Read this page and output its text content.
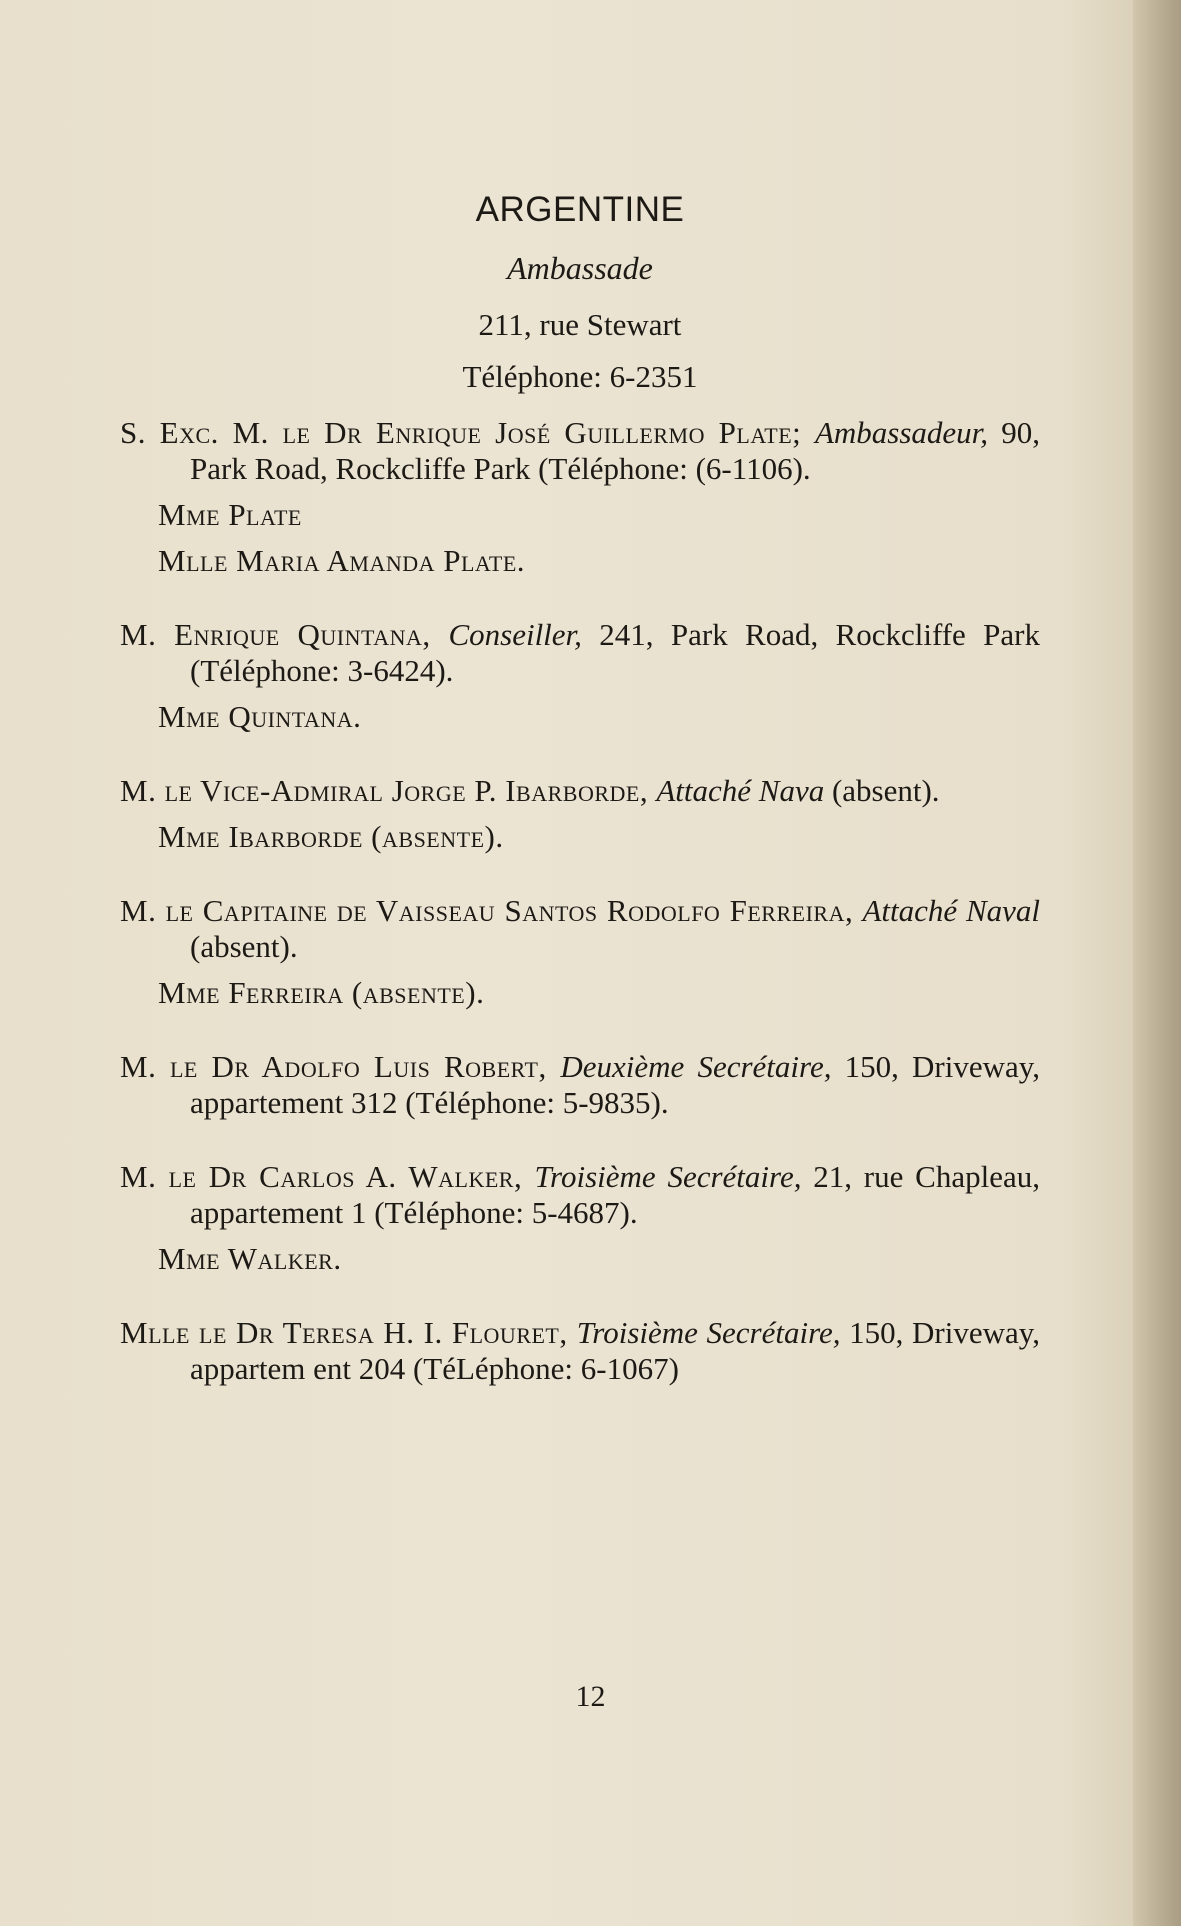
ARGENTINE
Ambassade
211, rue Stewart
Téléphone: 6-2351
S. Exc. M. le Dr Enrique José Guillermo Plate; Ambassadeur, 90, Park Road, Rockcliffe Park (Téléphone: (6-1106).
Mme Plate
Mlle Maria Amanda Plate.
M. Enrique Quintana, Conseiller, 241, Park Road, Rockcliffe Park (Téléphone: 3-6424).
Mme Quintana.
M. le Vice-Admiral Jorge P. Ibarborde, Attaché Nava (absent).
Mme Ibarborde (absente).
M. le Capitaine de Vaisseau Santos Rodolfo Ferreira, Attaché Naval (absent).
Mme Ferreira (absente).
M. le Dr Adolfo Luis Robert, Deuxième Secrétaire, 150, Driveway, appartement 312 (Téléphone: 5-9835).
M. le Dr Carlos A. Walker, Troisième Secrétaire, 21, rue Chapleau, appartement 1 (Téléphone: 5-4687).
Mme Walker.
Mlle le Dr Teresa H. I. Flouret, Troisième Secrétaire, 150, Driveway, appartem ent 204 (TéLéphone: 6-1067)
12
